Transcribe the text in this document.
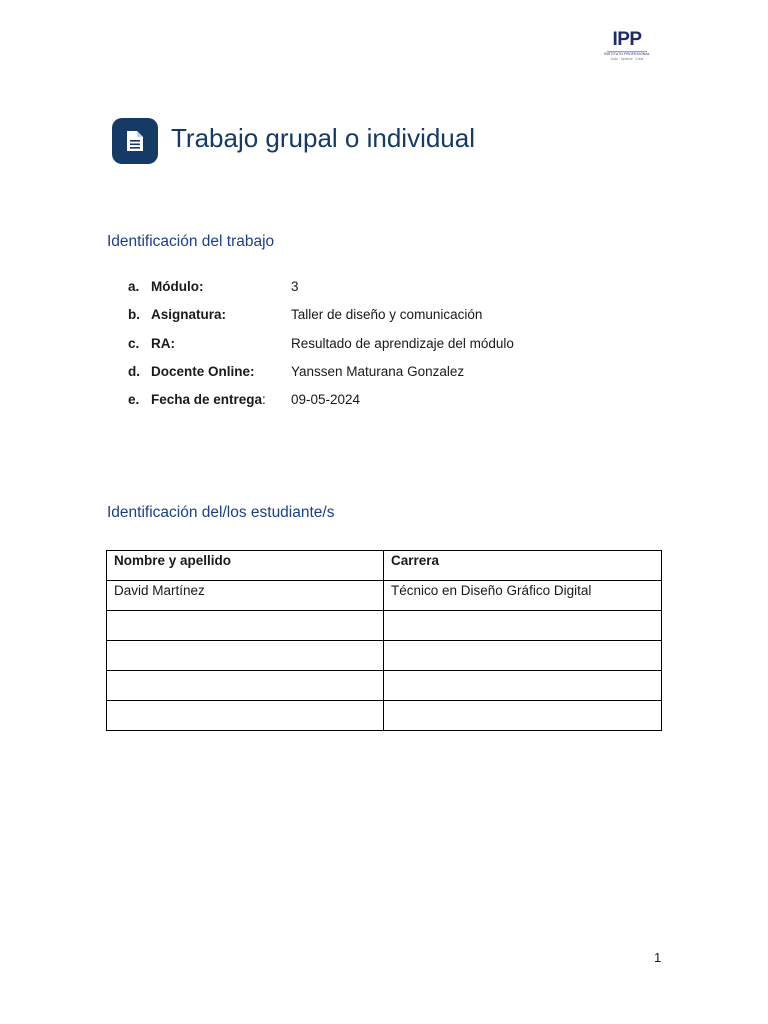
IPP
INSTITUTO PROFESIONAL
Justo · Apreciar · Crear
Trabajo grupal o individual
Identificación del trabajo
a. Módulo:	3
b. Asignatura:	Taller de diseño y comunicación
c. RA:	Resultado de aprendizaje del módulo
d. Docente Online:	Yanssen Maturana Gonzalez
e. Fecha de entrega: 09-05-2024
Identificación del/los estudiante/s
Nombre y apellido	Carrera
David Martínez	Técnico en Diseño Gráfico Digital

1
